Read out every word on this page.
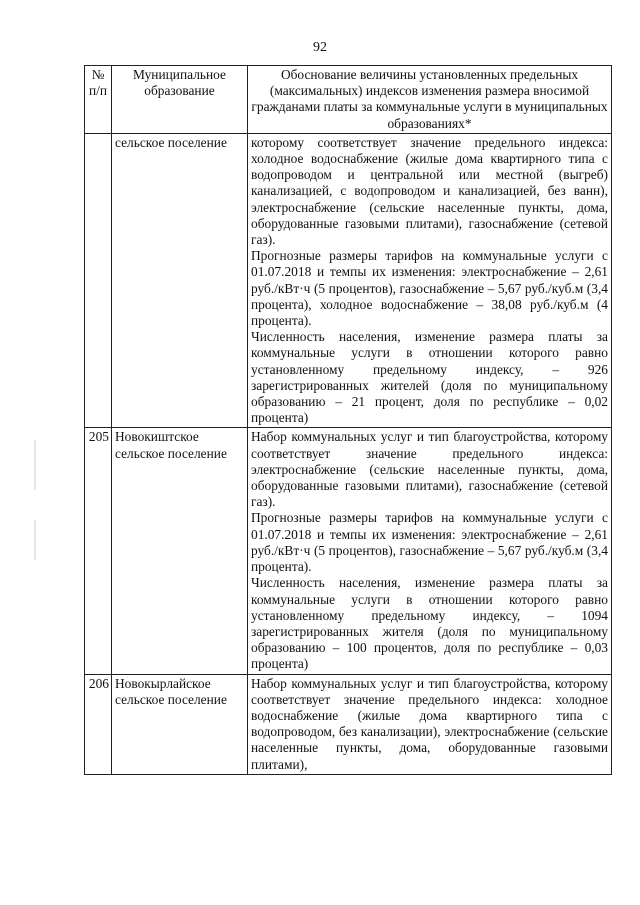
92
№ п/п	Муниципальное образование	Обоснование величины установленных предельных (максимальных) индексов изменения размера вносимой гражданами платы за коммунальные услуги в муниципальных образованиях*
	сельское поселение	которому соответствует значение предельного индекса: холодное водоснабжение (жилые дома квартирного типа с водопроводом и центральной или местной (выгреб) канализацией, с водопроводом и канализацией, без ванн), электроснабжение (сельские населенные пункты, дома, оборудованные газовыми плитами), газоснабжение (сетевой газ).

Прогнозные размеры тарифов на коммунальные услуги с 01.07.2018 и темпы их изменения: электроснабжение – 2,61 руб./кВт·ч (5 процентов), газоснабжение – 5,67 руб./куб.м (3,4 процента), холодное водоснабжение – 38,08 руб./куб.м (4 процента).

Численность населения, изменение размера платы за коммунальные услуги в отношении которого равно установленному предельному индексу, – 926 зарегистрированных жителей (доля по муниципальному образованию – 21 процент, доля по республике – 0,02 процента)

205	Новокиштское сельское поселение	Набор коммунальных услуг и тип благоустройства, которому соответствует значение предельного индекса: электроснабжение (сельские населенные пункты, дома, оборудованные газовыми плитами), газоснабжение (сетевой газ).

Прогнозные размеры тарифов на коммунальные услуги с 01.07.2018 и темпы их изменения: электроснабжение – 2,61 руб./кВт·ч (5 процентов), газоснабжение – 5,67 руб./куб.м (3,4 процента).

Численность населения, изменение размера платы за коммунальные услуги в отношении которого равно установленному предельному индексу, – 1094 зарегистрированных жителя (доля по муниципальному образованию – 100 процентов, доля по республике – 0,03 процента)

206	Новокырлайское сельское поселение	Набор коммунальных услуг и тип благоустройства, которому соответствует значение предельного индекса: холодное водоснабжение (жилые дома квартирного типа с водопроводом, без канализации), электроснабжение (сельские населенные пункты, дома, оборудованные газовыми плитами),
